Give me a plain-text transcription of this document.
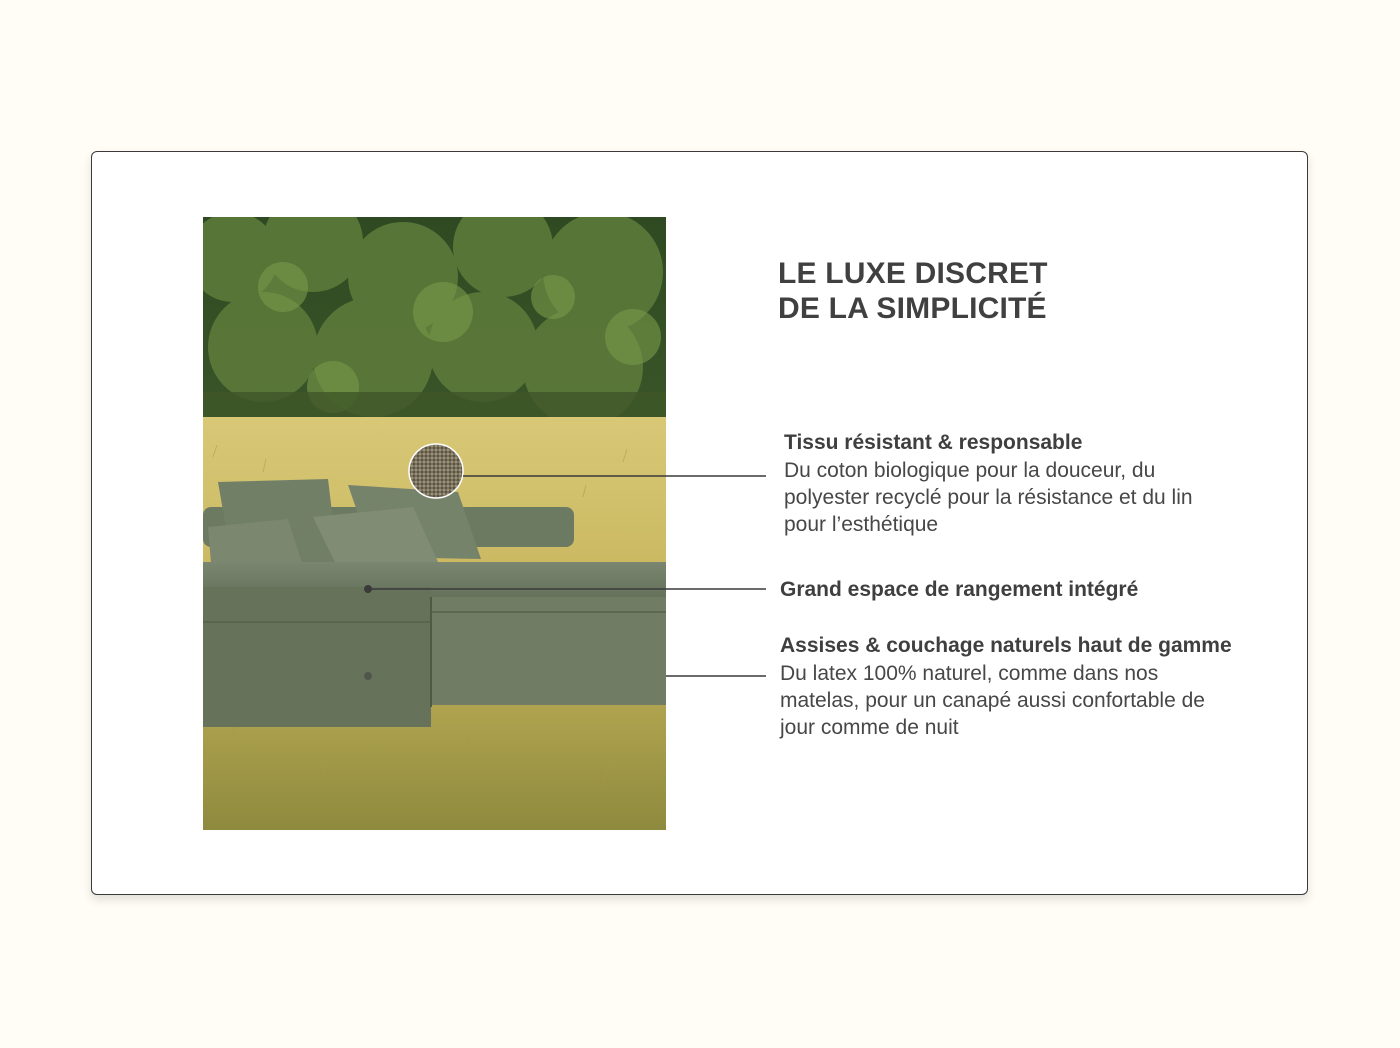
LE LUXE DISCRET
DE LA SIMPLICITÉ
Tissu résistant & responsable
Du coton biologique pour la douceur, du
polyester recyclé pour la résistance et du lin
pour l’esthétique
Grand espace de rangement intégré
Assises & couchage naturels haut de gamme
Du latex 100% naturel, comme dans nos
matelas, pour un canapé aussi confortable de
jour comme de nuit
